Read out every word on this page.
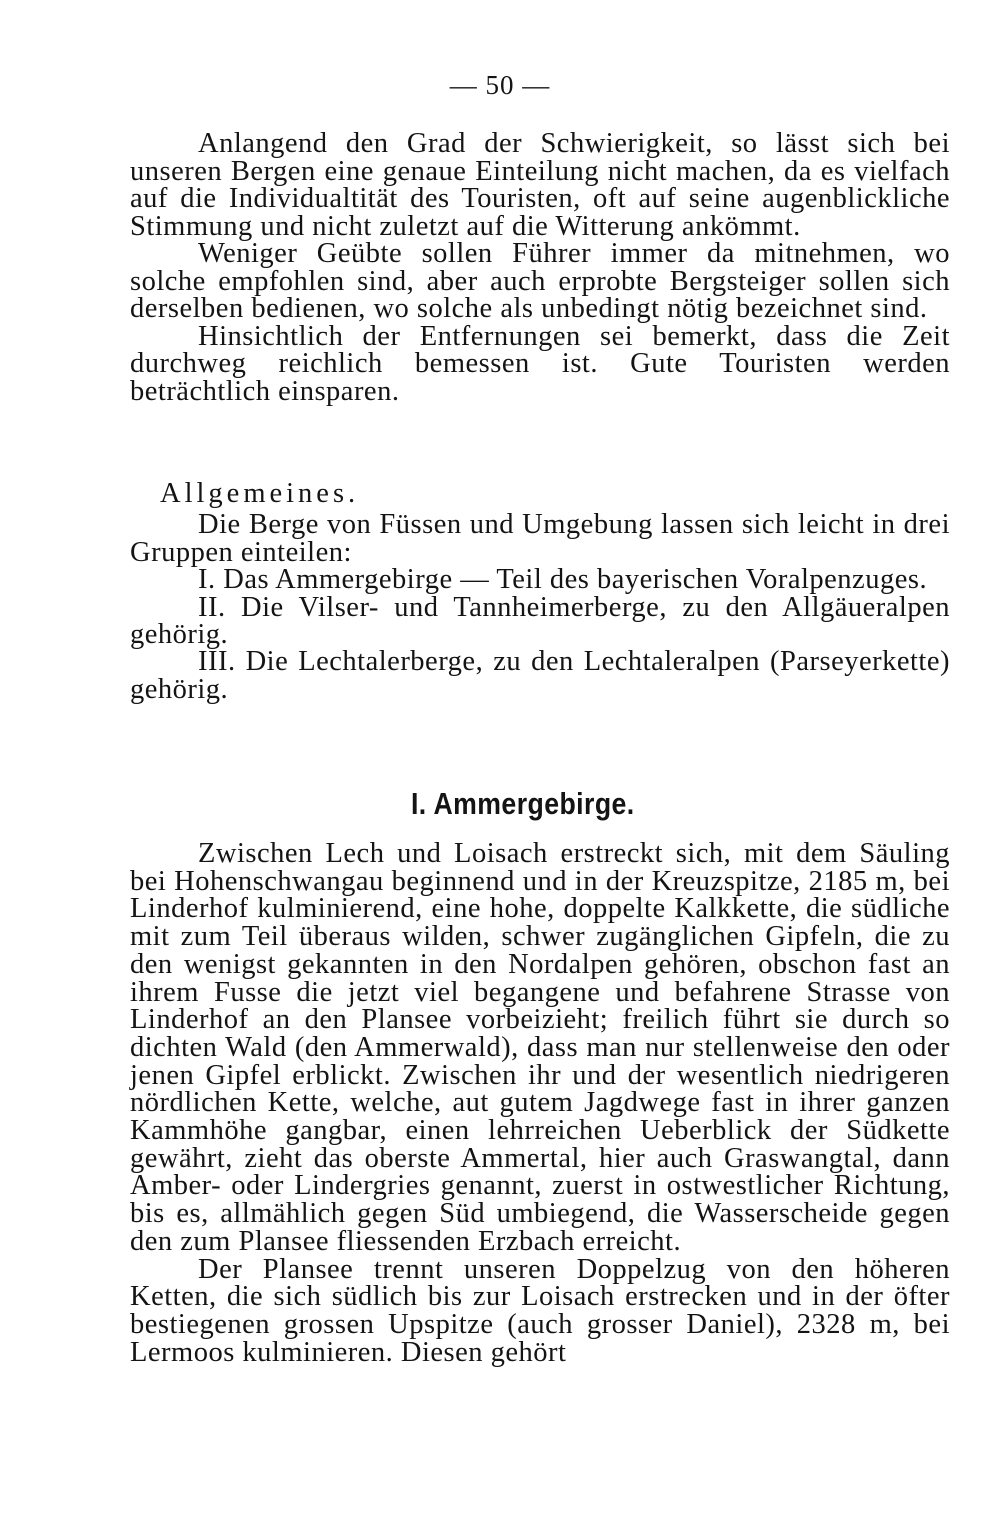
— 50 —

Anlangend den Grad der Schwierigkeit, so lässt sich bei unseren Bergen eine genaue Einteilung nicht machen, da es vielfach auf die Individualtität des Touristen, oft auf seine augenblickliche Stimmung und nicht zuletzt auf die Witterung ankömmt.

Weniger Geübte sollen Führer immer da mitnehmen, wo solche empfohlen sind, aber auch erprobte Bergsteiger sollen sich derselben bedienen, wo solche als unbedingt nötig bezeichnet sind.

Hinsichtlich der Entfernungen sei bemerkt, dass die Zeit durchweg reichlich bemessen ist. Gute Touristen werden beträchtlich einsparen.

Allgemeines.

Die Berge von Füssen und Umgebung lassen sich leicht in drei Gruppen einteilen:

I. Das Ammergebirge — Teil des bayerischen Voralpenzuges.

II. Die Vilser- und Tannheimerberge, zu den Allgäueralpen gehörig.

III. Die Lechtalerberge, zu den Lechtaleralpen (Parseyerkette) gehörig.

I. Ammergebirge.

Zwischen Lech und Loisach erstreckt sich, mit dem Säuling bei Hohenschwangau beginnend und in der Kreuzspitze, 2185 m, bei Linderhof kulminierend, eine hohe, doppelte Kalkkette, die südliche mit zum Teil überaus wilden, schwer zugänglichen Gipfeln, die zu den wenigst gekannten in den Nordalpen gehören, obschon fast an ihrem Fusse die jetzt viel begangene und befahrene Strasse von Linderhof an den Plansee vorbeizieht; freilich führt sie durch so dichten Wald (den Ammerwald), dass man nur stellenweise den oder jenen Gipfel erblickt. Zwischen ihr und der wesentlich niedrigeren nördlichen Kette, welche, aut gutem Jagdwege fast in ihrer ganzen Kammhöhe gangbar, einen lehrreichen Ueberblick der Südkette gewährt, zieht das oberste Ammertal, hier auch Graswangtal, dann Amber- oder Lindergries genannt, zuerst in ostwestlicher Richtung, bis es, allmählich gegen Süd umbiegend, die Wasserscheide gegen den zum Plansee fliessenden Erzbach erreicht.

Der Plansee trennt unseren Doppelzug von den höheren Ketten, die sich südlich bis zur Loisach erstrecken und in der öfter bestiegenen grossen Upspitze (auch grosser Daniel), 2328 m, bei Lermoos kulminieren. Diesen gehört
